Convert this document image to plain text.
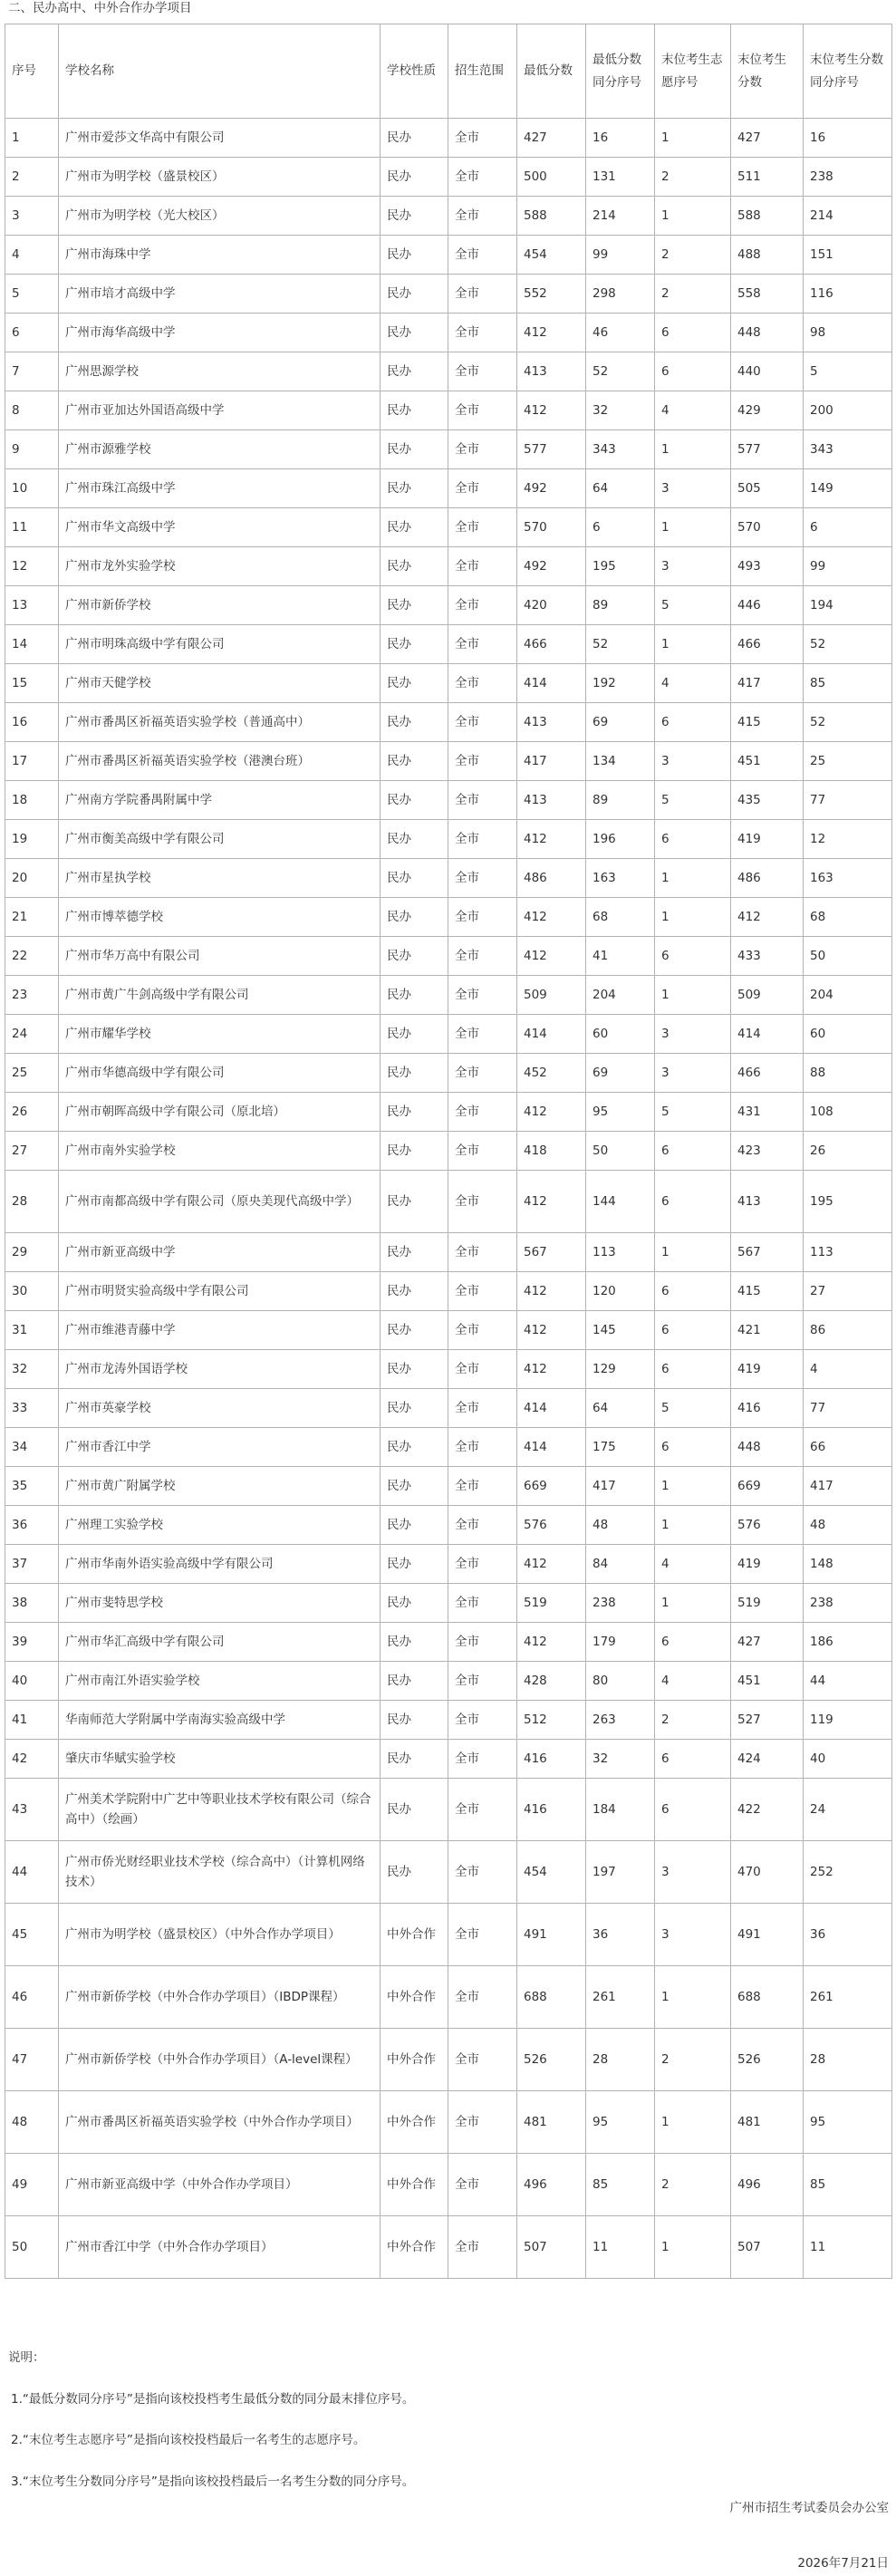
二、民办高中、中外合作办学项目
序号	学校名称	学校性质	招生范围	最低分数	最低分数同分序号	末位考生志愿序号	末位考生分数	末位考生分数同分序号
1	广州市爱莎文华高中有限公司	民办	全市	427	16	1	427	16
2	广州市为明学校（盛景校区）	民办	全市	500	131	2	511	238
3	广州市为明学校（光大校区）	民办	全市	588	214	1	588	214
4	广州市海珠中学	民办	全市	454	99	2	488	151
5	广州市培才高级中学	民办	全市	552	298	2	558	116
6	广州市海华高级中学	民办	全市	412	46	6	448	98
7	广州思源学校	民办	全市	413	52	6	440	5
8	广州市亚加达外国语高级中学	民办	全市	412	32	4	429	200
9	广州市源雅学校	民办	全市	577	343	1	577	343
10	广州市珠江高级中学	民办	全市	492	64	3	505	149
11	广州市华文高级中学	民办	全市	570	6	1	570	6
12	广州市龙外实验学校	民办	全市	492	195	3	493	99
13	广州市新侨学校	民办	全市	420	89	5	446	194
14	广州市明珠高级中学有限公司	民办	全市	466	52	1	466	52
15	广州市天健学校	民办	全市	414	192	4	417	85
16	广州市番禺区祈福英语实验学校（普通高中）	民办	全市	413	69	6	415	52
17	广州市番禺区祈福英语实验学校（港澳台班）	民办	全市	417	134	3	451	25
18	广州南方学院番禺附属中学	民办	全市	413	89	5	435	77
19	广州市衡美高级中学有限公司	民办	全市	412	196	6	419	12
20	广州市星执学校	民办	全市	486	163	1	486	163
21	广州市博萃德学校	民办	全市	412	68	1	412	68
22	广州市华万高中有限公司	民办	全市	412	41	6	433	50
23	广州市黄广牛剑高级中学有限公司	民办	全市	509	204	1	509	204
24	广州市耀华学校	民办	全市	414	60	3	414	60
25	广州市华德高级中学有限公司	民办	全市	452	69	3	466	88
26	广州市朝晖高级中学有限公司（原北培）	民办	全市	412	95	5	431	108
27	广州市南外实验学校	民办	全市	418	50	6	423	26
28	广州市南都高级中学有限公司（原央美现代高级中学）	民办	全市	412	144	6	413	195
29	广州市新亚高级中学	民办	全市	567	113	1	567	113
30	广州市明贤实验高级中学有限公司	民办	全市	412	120	6	415	27
31	广州市维港青藤中学	民办	全市	412	145	6	421	86
32	广州市龙涛外国语学校	民办	全市	412	129	6	419	4
33	广州市英豪学校	民办	全市	414	64	5	416	77
34	广州市香江中学	民办	全市	414	175	6	448	66
35	广州市黄广附属学校	民办	全市	669	417	1	669	417
36	广州理工实验学校	民办	全市	576	48	1	576	48
37	广州市华南外语实验高级中学有限公司	民办	全市	412	84	4	419	148
38	广州市斐特思学校	民办	全市	519	238	1	519	238
39	广州市华汇高级中学有限公司	民办	全市	412	179	6	427	186
40	广州市南江外语实验学校	民办	全市	428	80	4	451	44
41	华南师范大学附属中学南海实验高级中学	民办	全市	512	263	2	527	119
42	肇庆市华赋实验学校	民办	全市	416	32	6	424	40
43	广州美术学院附中广艺中等职业技术学校有限公司（综合高中）（绘画）	民办	全市	416	184	6	422	24
44	广州市侨光财经职业技术学校（综合高中）（计算机网络技术）	民办	全市	454	197	3	470	252
45	广州市为明学校（盛景校区）（中外合作办学项目）	中外合作	全市	491	36	3	491	36
46	广州市新侨学校（中外合作办学项目）（IBDP课程）	中外合作	全市	688	261	1	688	261
47	广州市新侨学校（中外合作办学项目）（A-level课程）	中外合作	全市	526	28	2	526	28
48	广州市番禺区祈福英语实验学校（中外合作办学项目）	中外合作	全市	481	95	1	481	95
49	广州市新亚高级中学（中外合作办学项目）	中外合作	全市	496	85	2	496	85
50	广州市香江中学（中外合作办学项目）	中外合作	全市	507	11	1	507	11
说明：
1.“最低分数同分序号”是指向该校投档考生最低分数的同分最末排位序号。
2.“末位考生志愿序号”是指向该校投档最后一名考生的志愿序号。
3.“末位考生分数同分序号”是指向该校投档最后一名考生分数的同分序号。
广州市招生考试委员会办公室
2026年7月21日
